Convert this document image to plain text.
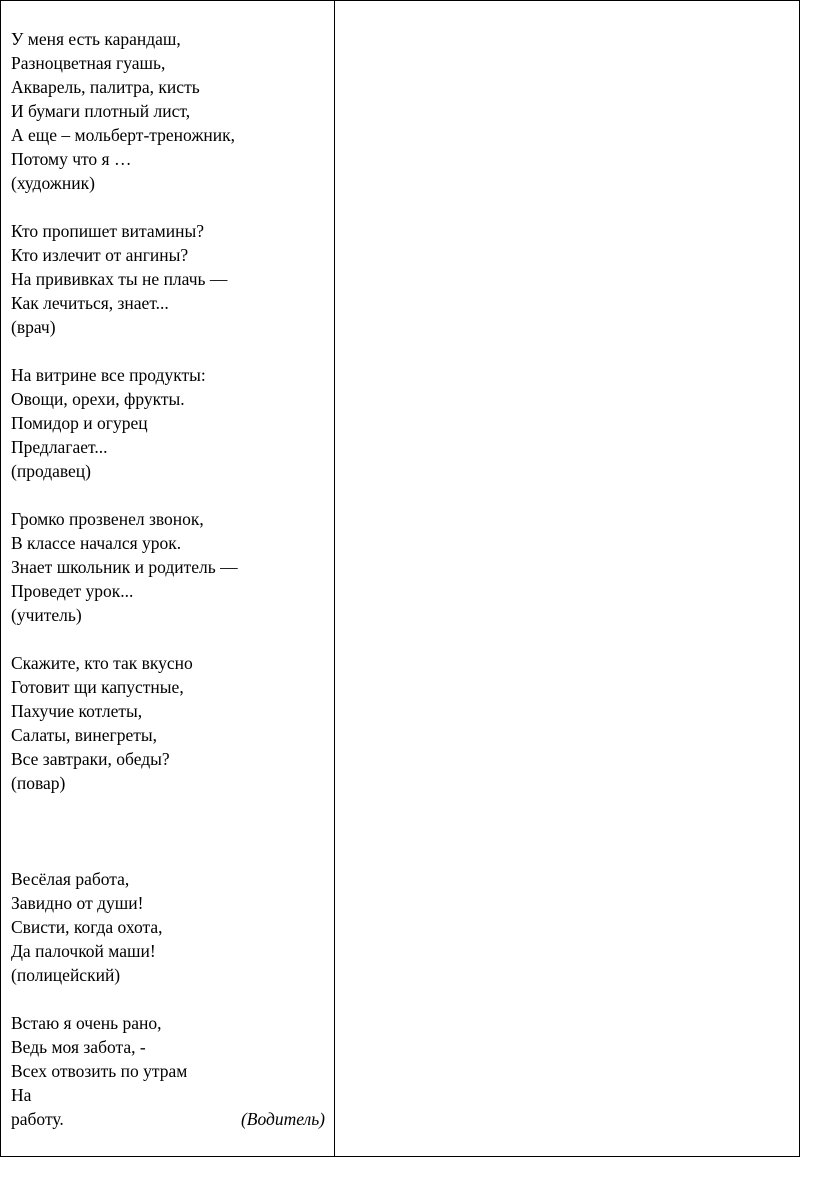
У меня есть карандаш,
Разноцветная гуашь,
Акварель, палитра, кисть
И бумаги плотный лист,
А еще – мольберт-треножник,
Потому что я …
(художник)
Кто пропишет витамины?
Кто излечит от ангины?
На прививках ты не плачь —
Как лечиться, знает...
(врач)
На витрине все продукты:
Овощи, орехи, фрукты.
Помидор и огурец
Предлагает...
(продавец)
Громко прозвенел звонок,
В классе начался урок.
Знает школьник и родитель —
Проведет урок...
(учитель)
Скажите, кто так вкусно
Готовит щи капустные,
Пахучие котлеты,
Салаты, винегреты,
Все завтраки, обеды?
(повар)
Весёлая работа,
Завидно от души!
Свисти, когда охота,
Да палочкой маши!
(полицейский)
Встаю я очень рано,
Ведь моя забота, -
Всех отвозить по утрам
На
работу.	(Водитель)
